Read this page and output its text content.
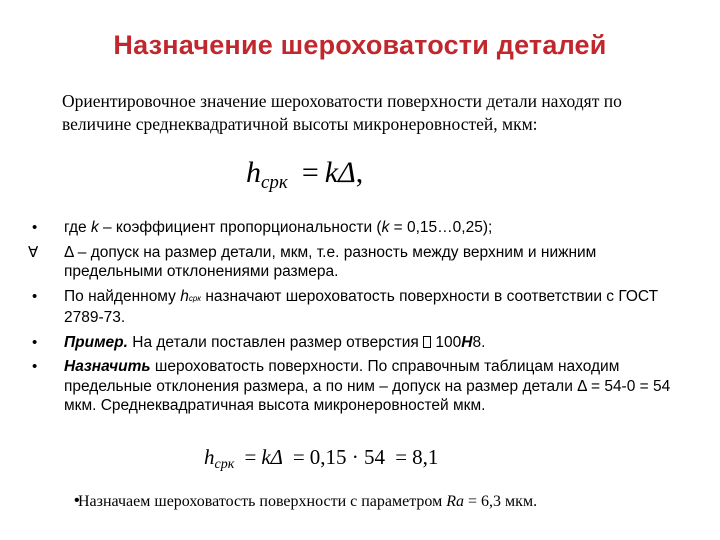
Назначение шероховатости деталей
Ориентировочное значение шероховатости поверхности детали находят по величине среднеквадратичной высоты микронеровностей, мкм:
$h_{срк} = k\Delta$,
• где k – коэффициент пропорциональности (k = 0,15…0,25);
∀ Δ – допуск на размер детали, мкм, т.е. разность между верхним и нижним предельными отклонениями размера.
• По найденному hсрк назначают шероховатость поверхности в соответствии с ГОСТ 2789-73.
• Пример. На детали поставлен размер отверстия  100Н8.
• Назначить шероховатость поверхности. По справочным таблицам находим предельные отклонения размера, а по ним – допуск на размер детали Δ = 54-0 = 54 мкм. Среднеквадратичная высота микронеровностей мкм.
hсрк = kΔ = 0,15 · 54 = 8,1
•
Назначаем шероховатость поверхности с параметром Ra = 6,3 мкм.
